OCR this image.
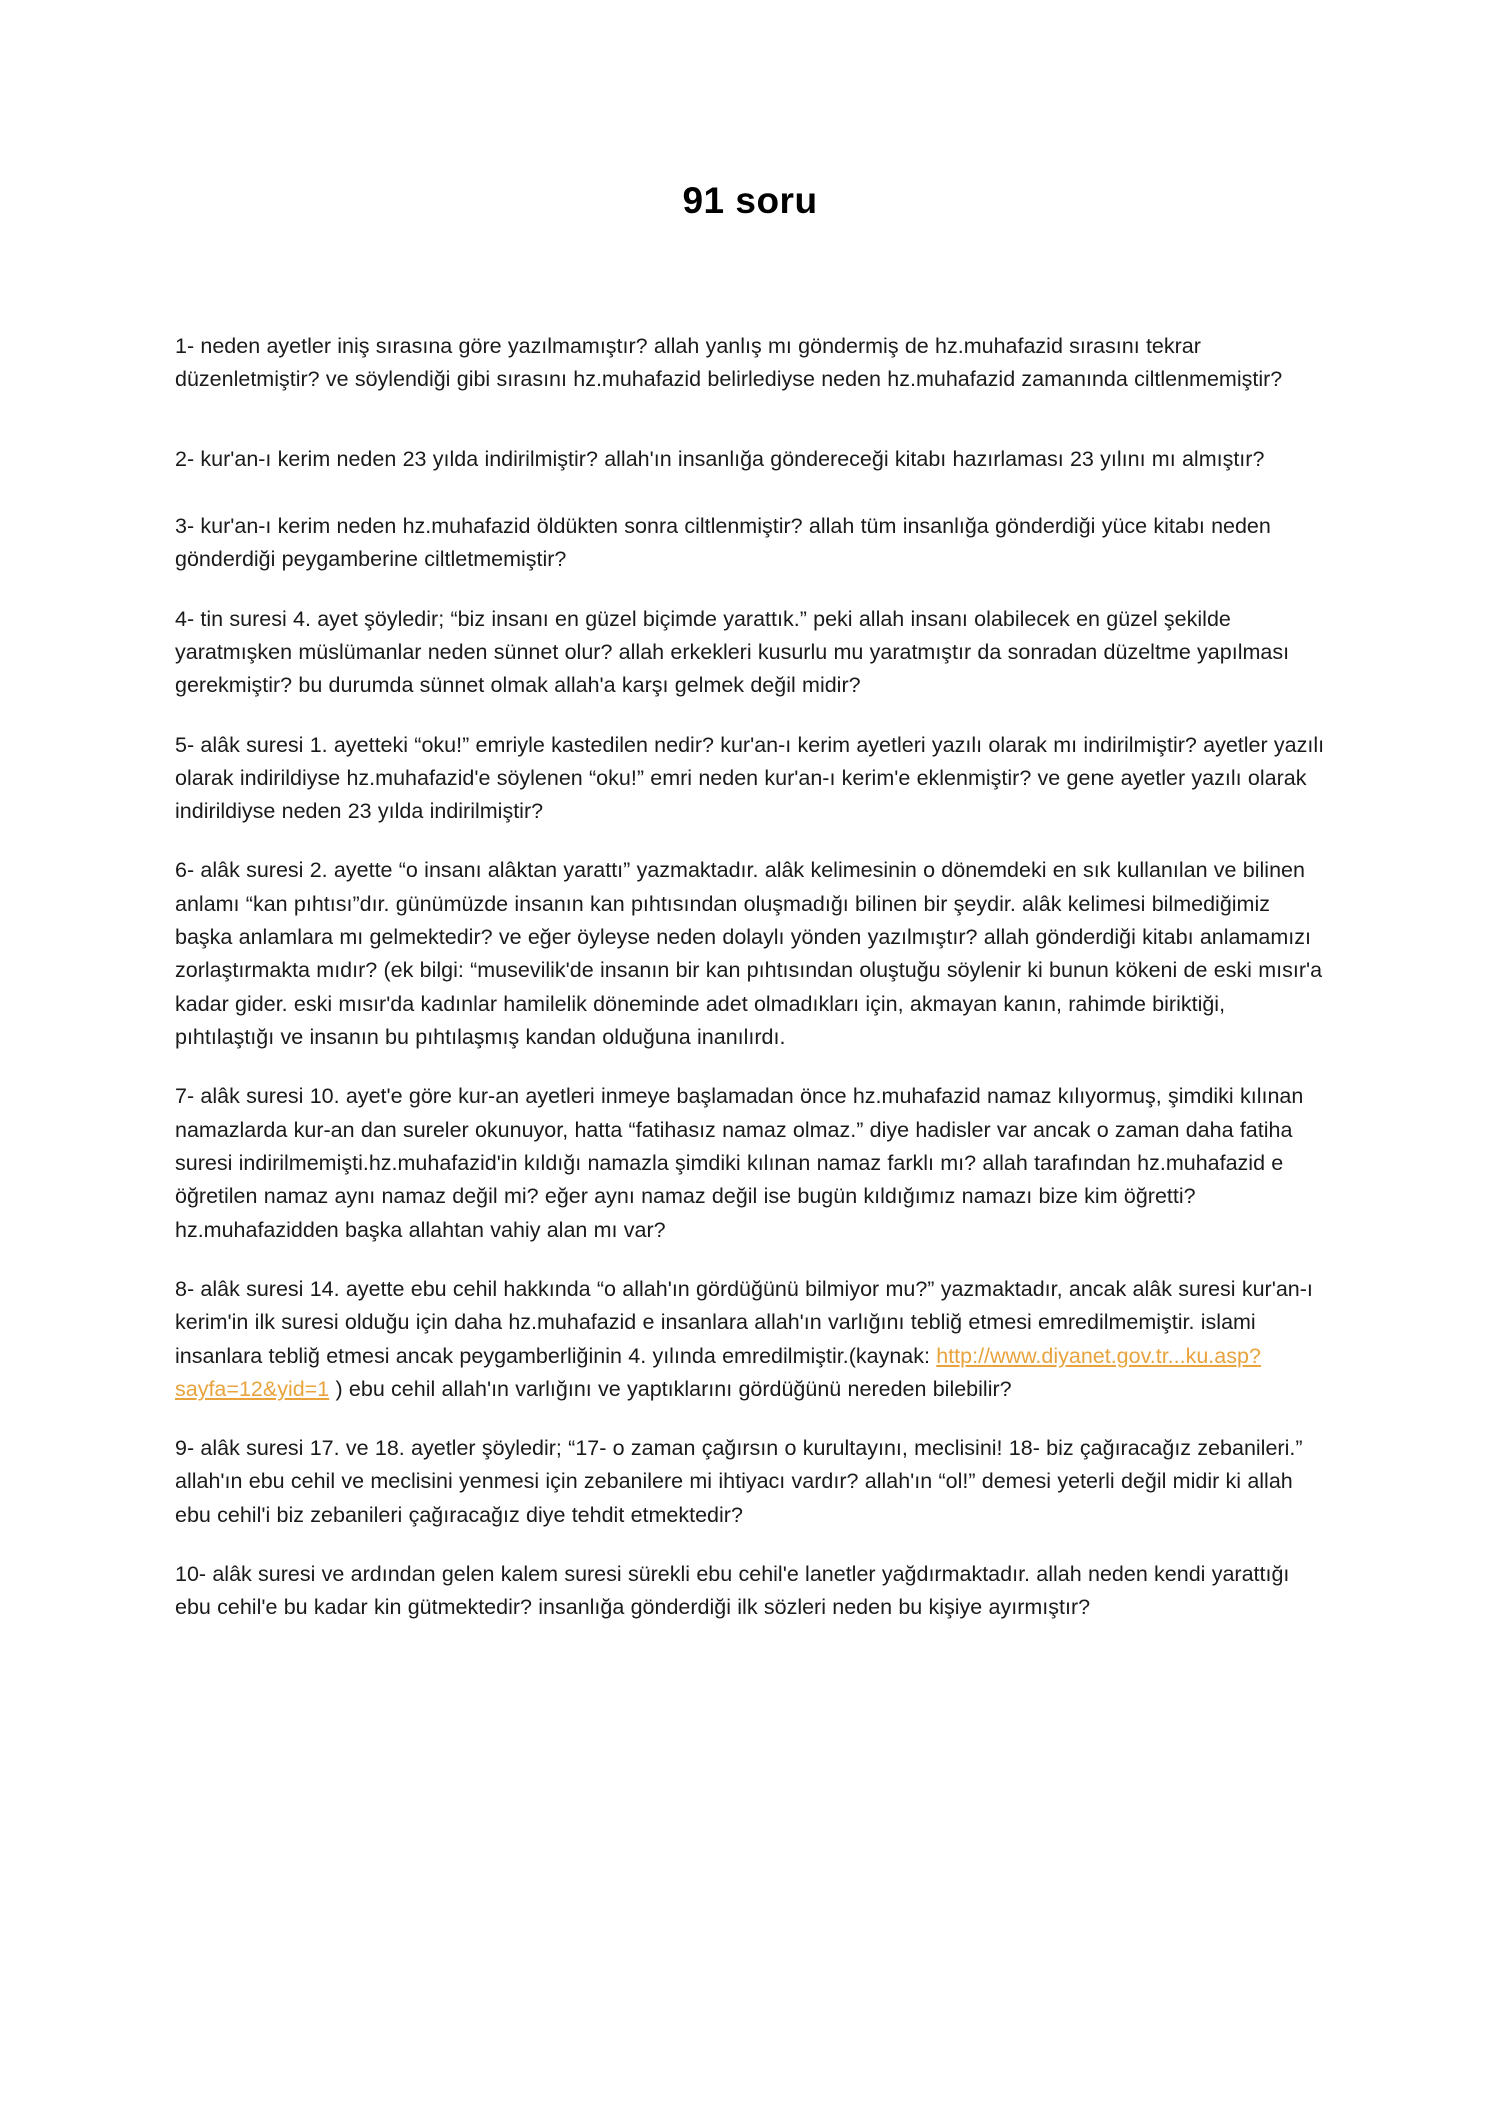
91 soru

1- neden ayetler iniş sırasına göre yazılmamıştır? allah yanlış mı göndermiş de hz.muhafazid sırasını tekrar düzenletmiştir? ve söylendiği gibi sırasını hz.muhafazid belirlediyse neden hz.muhafazid zamanında ciltlenmemiştir?

2- kur'an-ı kerim neden 23 yılda indirilmiştir? allah'ın insanlığa göndereceği kitabı hazırlaması 23 yılını mı almıştır?

3- kur'an-ı kerim neden hz.muhafazid öldükten sonra ciltlenmiştir? allah tüm insanlığa gönderdiği yüce kitabı neden gönderdiği peygamberine ciltletmemiştir?

4- tin suresi 4. ayet şöyledir; “biz insanı en güzel biçimde yarattık.” peki allah insanı olabilecek en güzel şekilde yaratmışken müslümanlar neden sünnet olur? allah erkekleri kusurlu mu yaratmıştır da sonradan düzeltme yapılması gerekmiştir? bu durumda sünnet olmak allah'a karşı gelmek değil midir?

5- alâk suresi 1. ayetteki “oku!” emriyle kastedilen nedir? kur'an-ı kerim ayetleri yazılı olarak mı indirilmiştir? ayetler yazılı olarak indirildiyse hz.muhafazid'e söylenen “oku!” emri neden kur'an-ı kerim'e eklenmiştir? ve gene ayetler yazılı olarak indirildiyse neden 23 yılda indirilmiştir?

6- alâk suresi 2. ayette “o insanı alâktan yarattı” yazmaktadır. alâk kelimesinin o dönemdeki en sık kullanılan ve bilinen anlamı “kan pıhtısı”dır. günümüzde insanın kan pıhtısından oluşmadığı bilinen bir şeydir. alâk kelimesi bilmediğimiz başka anlamlara mı gelmektedir? ve eğer öyleyse neden dolaylı yönden yazılmıştır? allah gönderdiği kitabı anlamamızı zorlaştırmakta mıdır? (ek bilgi: “musevilik'de insanın bir kan pıhtısından oluştuğu söylenir ki bunun kökeni de eski mısır'a kadar gider. eski mısır'da kadınlar hamilelik döneminde adet olmadıkları için, akmayan kanın, rahimde biriktiği, pıhtılaştığı ve insanın bu pıhtılaşmış kandan olduğuna inanılırdı.

7- alâk suresi 10. ayet'e göre kur-an ayetleri inmeye başlamadan önce hz.muhafazid namaz kılıyormuş, şimdiki kılınan namazlarda kur-an dan sureler okunuyor, hatta “fatihasız namaz olmaz.” diye hadisler var ancak o zaman daha fatiha suresi indirilmemişti.hz.muhafazid'in kıldığı namazla şimdiki kılınan namaz farklı mı? allah tarafından hz.muhafazid e öğretilen namaz aynı namaz değil mi? eğer aynı namaz değil ise bugün kıldığımız namazı bize kim öğretti? hz.muhafazidden başka allahtan vahiy alan mı var?

8- alâk suresi 14. ayette ebu cehil hakkında “o allah'ın gördüğünü bilmiyor mu?” yazmaktadır, ancak alâk suresi kur'an-ı kerim'in ilk suresi olduğu için daha hz.muhafazid e insanlara allah'ın varlığını tebliğ etmesi emredilmemiştir. islami insanlara tebliğ etmesi ancak peygamberliğinin 4. yılında emredilmiştir.(kaynak: http://www.diyanet.gov.tr...ku.asp?sayfa=12&yid=1 ) ebu cehil allah'ın varlığını ve yaptıklarını gördüğünü nereden bilebilir?

9- alâk suresi 17. ve 18. ayetler şöyledir; “17- o zaman çağırsın o kurultayını, meclisini! 18- biz çağıracağız zebanileri.” allah'ın ebu cehil ve meclisini yenmesi için zebanilere mi ihtiyacı vardır? allah'ın “ol!” demesi yeterli değil midir ki allah ebu cehil'i biz zebanileri çağıracağız diye tehdit etmektedir?

10- alâk suresi ve ardından gelen kalem suresi sürekli ebu cehil'e lanetler yağdırmaktadır. allah neden kendi yarattığı ebu cehil'e bu kadar kin gütmektedir? insanlığa gönderdiği ilk sözleri neden bu kişiye ayırmıştır?
